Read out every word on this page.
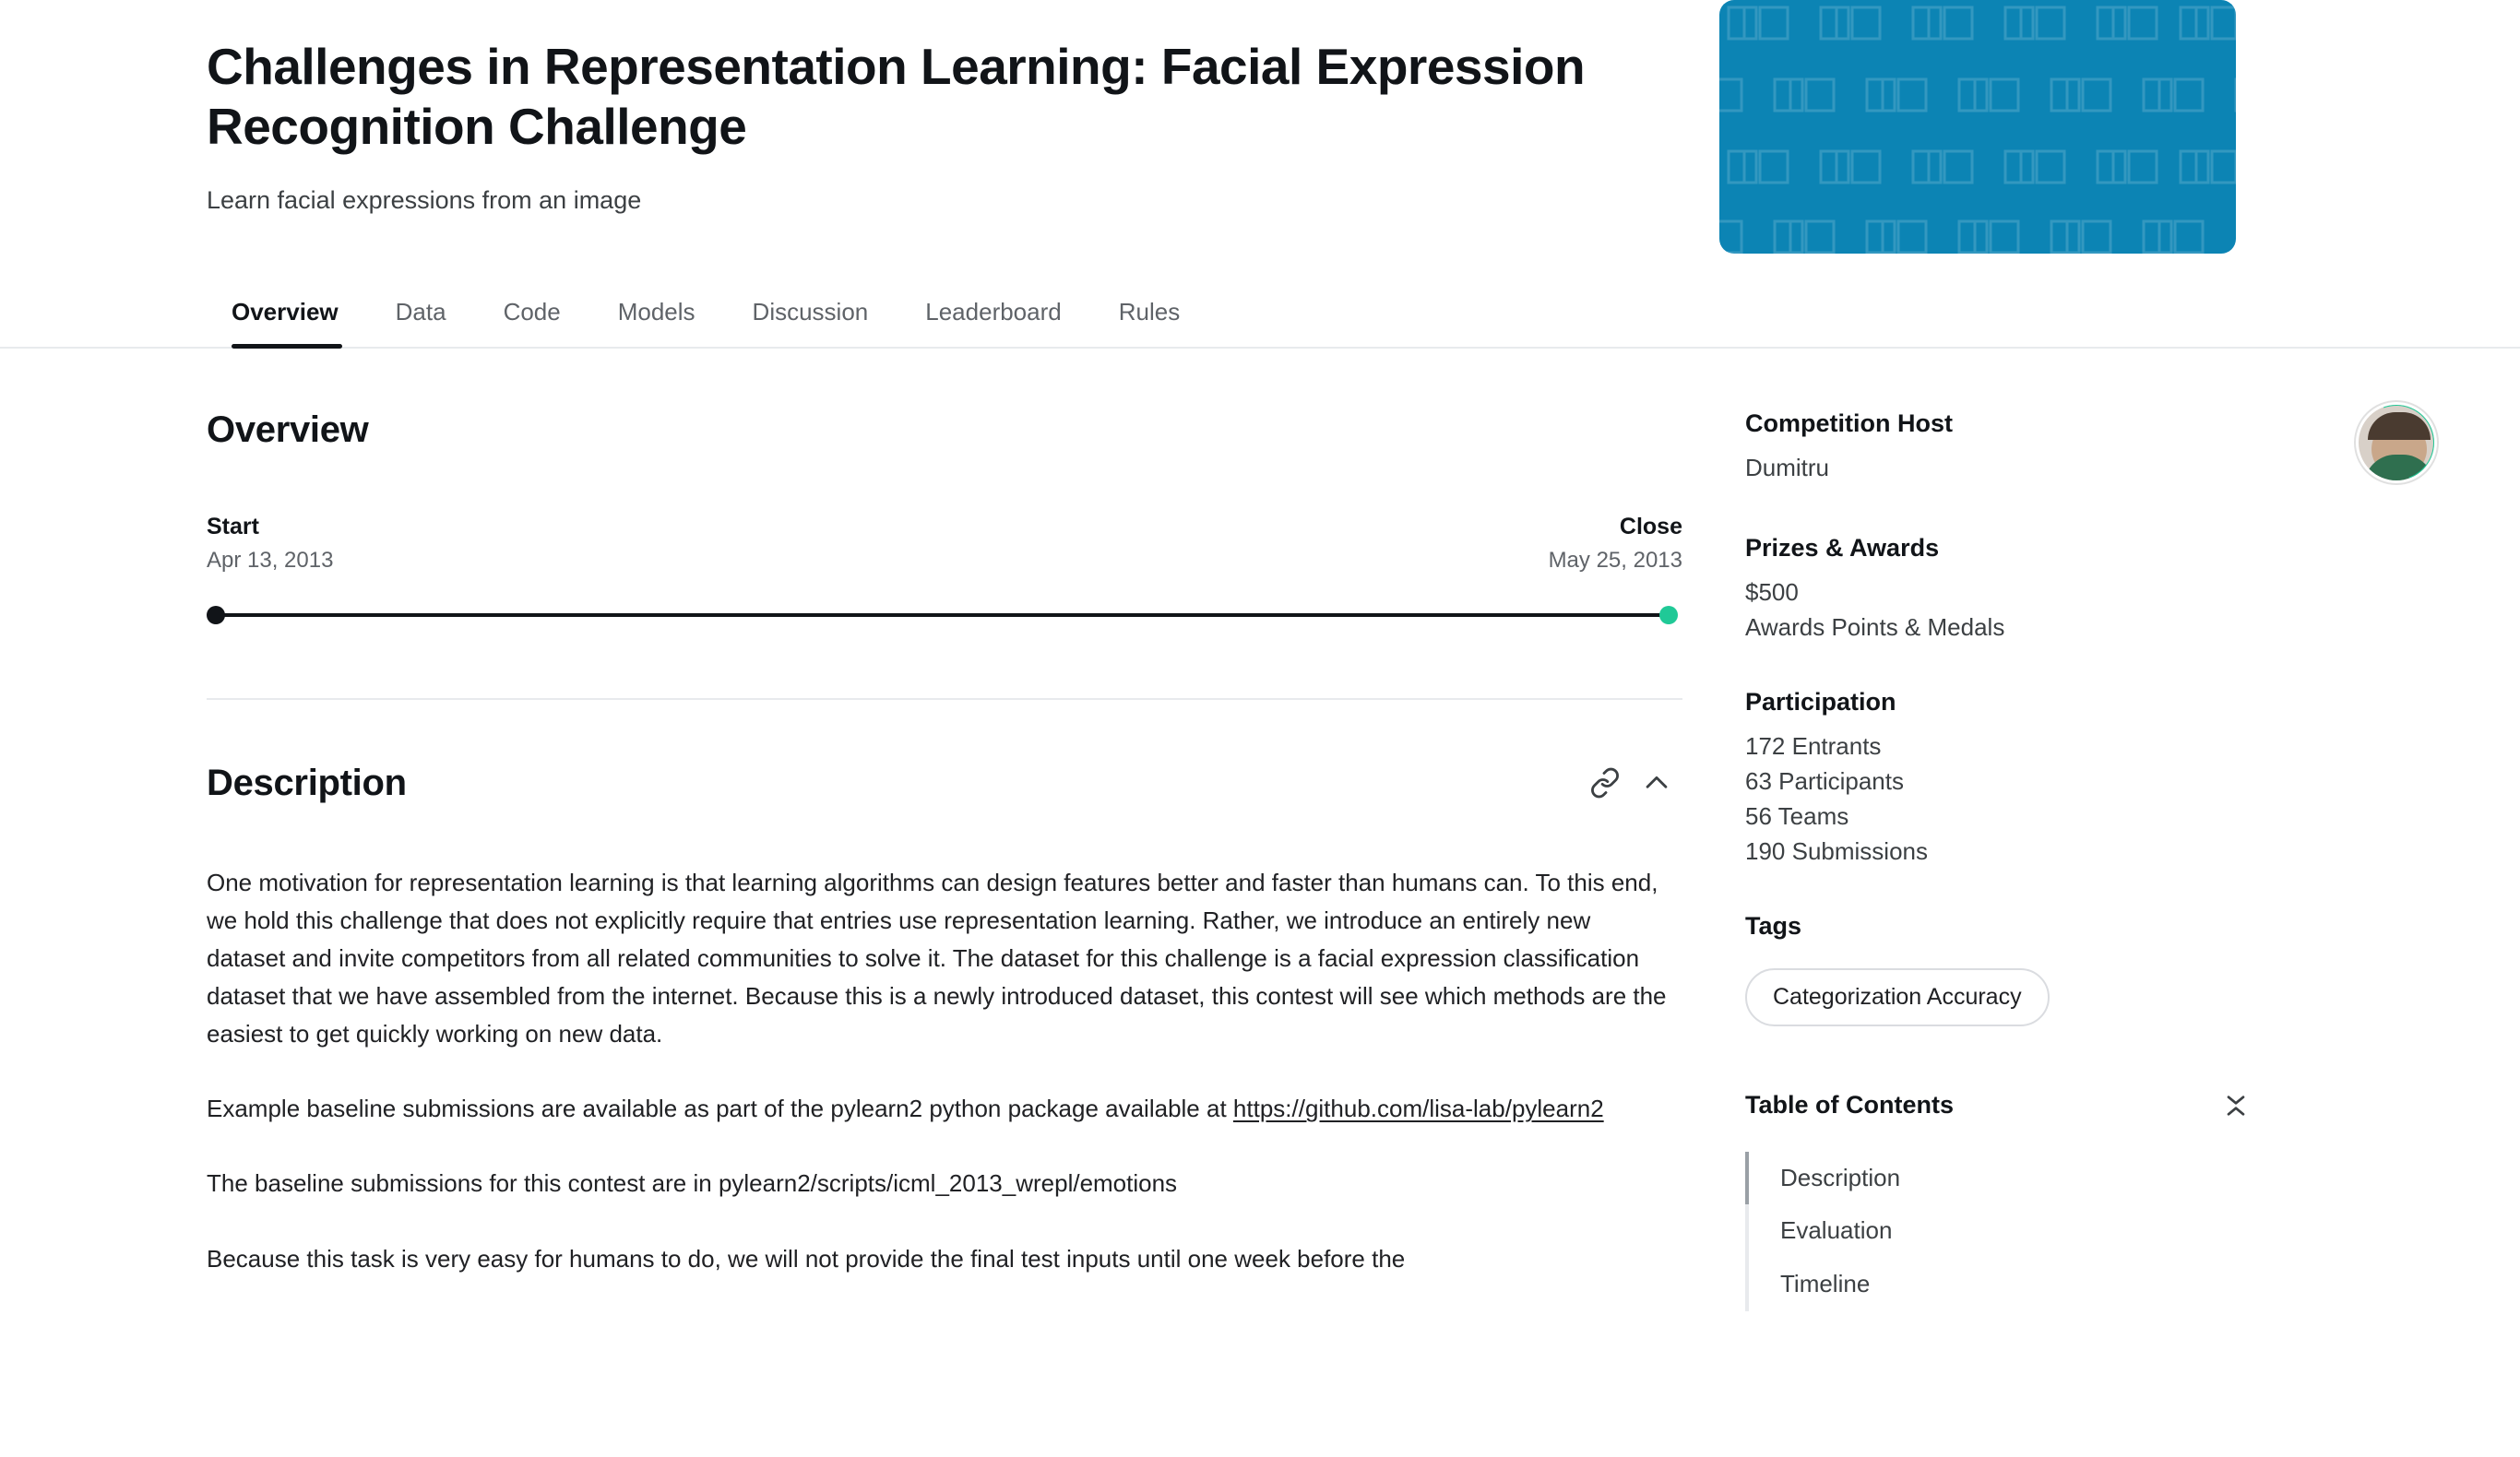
Challenges in Representation Learning: Facial Expression Recognition Challenge
Learn facial expressions from an image
Overview	Data	Code	Models	Discussion	Leaderboard	Rules
Overview
Start	Close
Apr 13, 2013	May 25, 2013
Description

One motivation for representation learning is that learning algorithms can design features better and faster than humans can. To this end, we hold this challenge that does not explicitly require that entries use representation learning. Rather, we introduce an entirely new dataset and invite competitors from all related communities to solve it. The dataset for this challenge is a facial expression classification dataset that we have assembled from the internet. Because this is a newly introduced dataset, this contest will see which methods are the easiest to get quickly working on new data.

Example baseline submissions are available as part of the pylearn2 python package available at https://github.com/lisa-lab/pylearn2

The baseline submissions for this contest are in pylearn2/scripts/icml_2013_wrepl/emotions

Because this task is very easy for humans to do, we will not provide the final test inputs until one week before the

Competition Host
Dumitru
Prizes & Awards
$500
Awards Points & Medals
Participation
172 Entrants
63 Participants
56 Teams
190 Submissions
Tags
Categorization Accuracy
Table of Contents
Description
Evaluation
Timeline
